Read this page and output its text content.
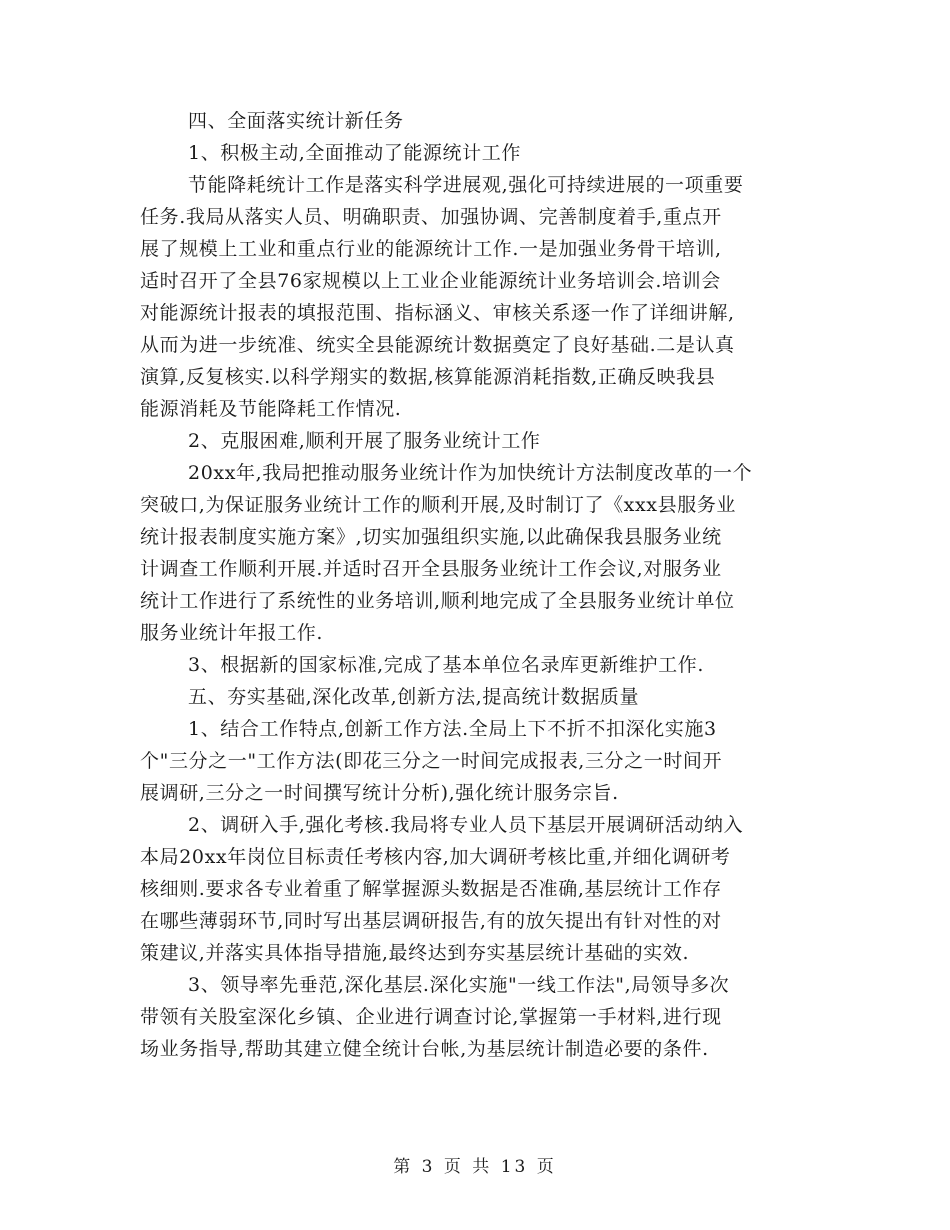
四、全面落实统计新任务
1、积极主动,全面推动了能源统计工作
节能降耗统计工作是落实科学进展观,强化可持续进展的一项重要
任务.我局从落实人员、明确职责、加强协调、完善制度着手,重点开
展了规模上工业和重点行业的能源统计工作.一是加强业务骨干培训,
适时召开了全县76家规模以上工业企业能源统计业务培训会.培训会
对能源统计报表的填报范围、指标涵义、审核关系逐一作了详细讲解,
从而为进一步统准、统实全县能源统计数据奠定了良好基础.二是认真
演算,反复核实.以科学翔实的数据,核算能源消耗指数,正确反映我县
能源消耗及节能降耗工作情况.
2、克服困难,顺利开展了服务业统计工作
20xx年,我局把推动服务业统计作为加快统计方法制度改革的一个
突破口,为保证服务业统计工作的顺利开展,及时制订了《xxx县服务业
统计报表制度实施方案》,切实加强组织实施,以此确保我县服务业统
计调查工作顺利开展.并适时召开全县服务业统计工作会议,对服务业
统计工作进行了系统性的业务培训,顺利地完成了全县服务业统计单位
服务业统计年报工作.
3、根据新的国家标准,完成了基本单位名录库更新维护工作.
五、夯实基础,深化改革,创新方法,提高统计数据质量
1、结合工作特点,创新工作方法.全局上下不折不扣深化实施3
个"三分之一"工作方法(即花三分之一时间完成报表,三分之一时间开
展调研,三分之一时间撰写统计分析),强化统计服务宗旨.
2、调研入手,强化考核.我局将专业人员下基层开展调研活动纳入
本局20xx年岗位目标责任考核内容,加大调研考核比重,并细化调研考
核细则.要求各专业着重了解掌握源头数据是否准确,基层统计工作存
在哪些薄弱环节,同时写出基层调研报告,有的放矢提出有针对性的对
策建议,并落实具体指导措施,最终达到夯实基层统计基础的实效.
3、领导率先垂范,深化基层.深化实施"一线工作法",局领导多次
带领有关股室深化乡镇、企业进行调查讨论,掌握第一手材料,进行现
场业务指导,帮助其建立健全统计台帐,为基层统计制造必要的条件.
第 3 页 共 13 页
